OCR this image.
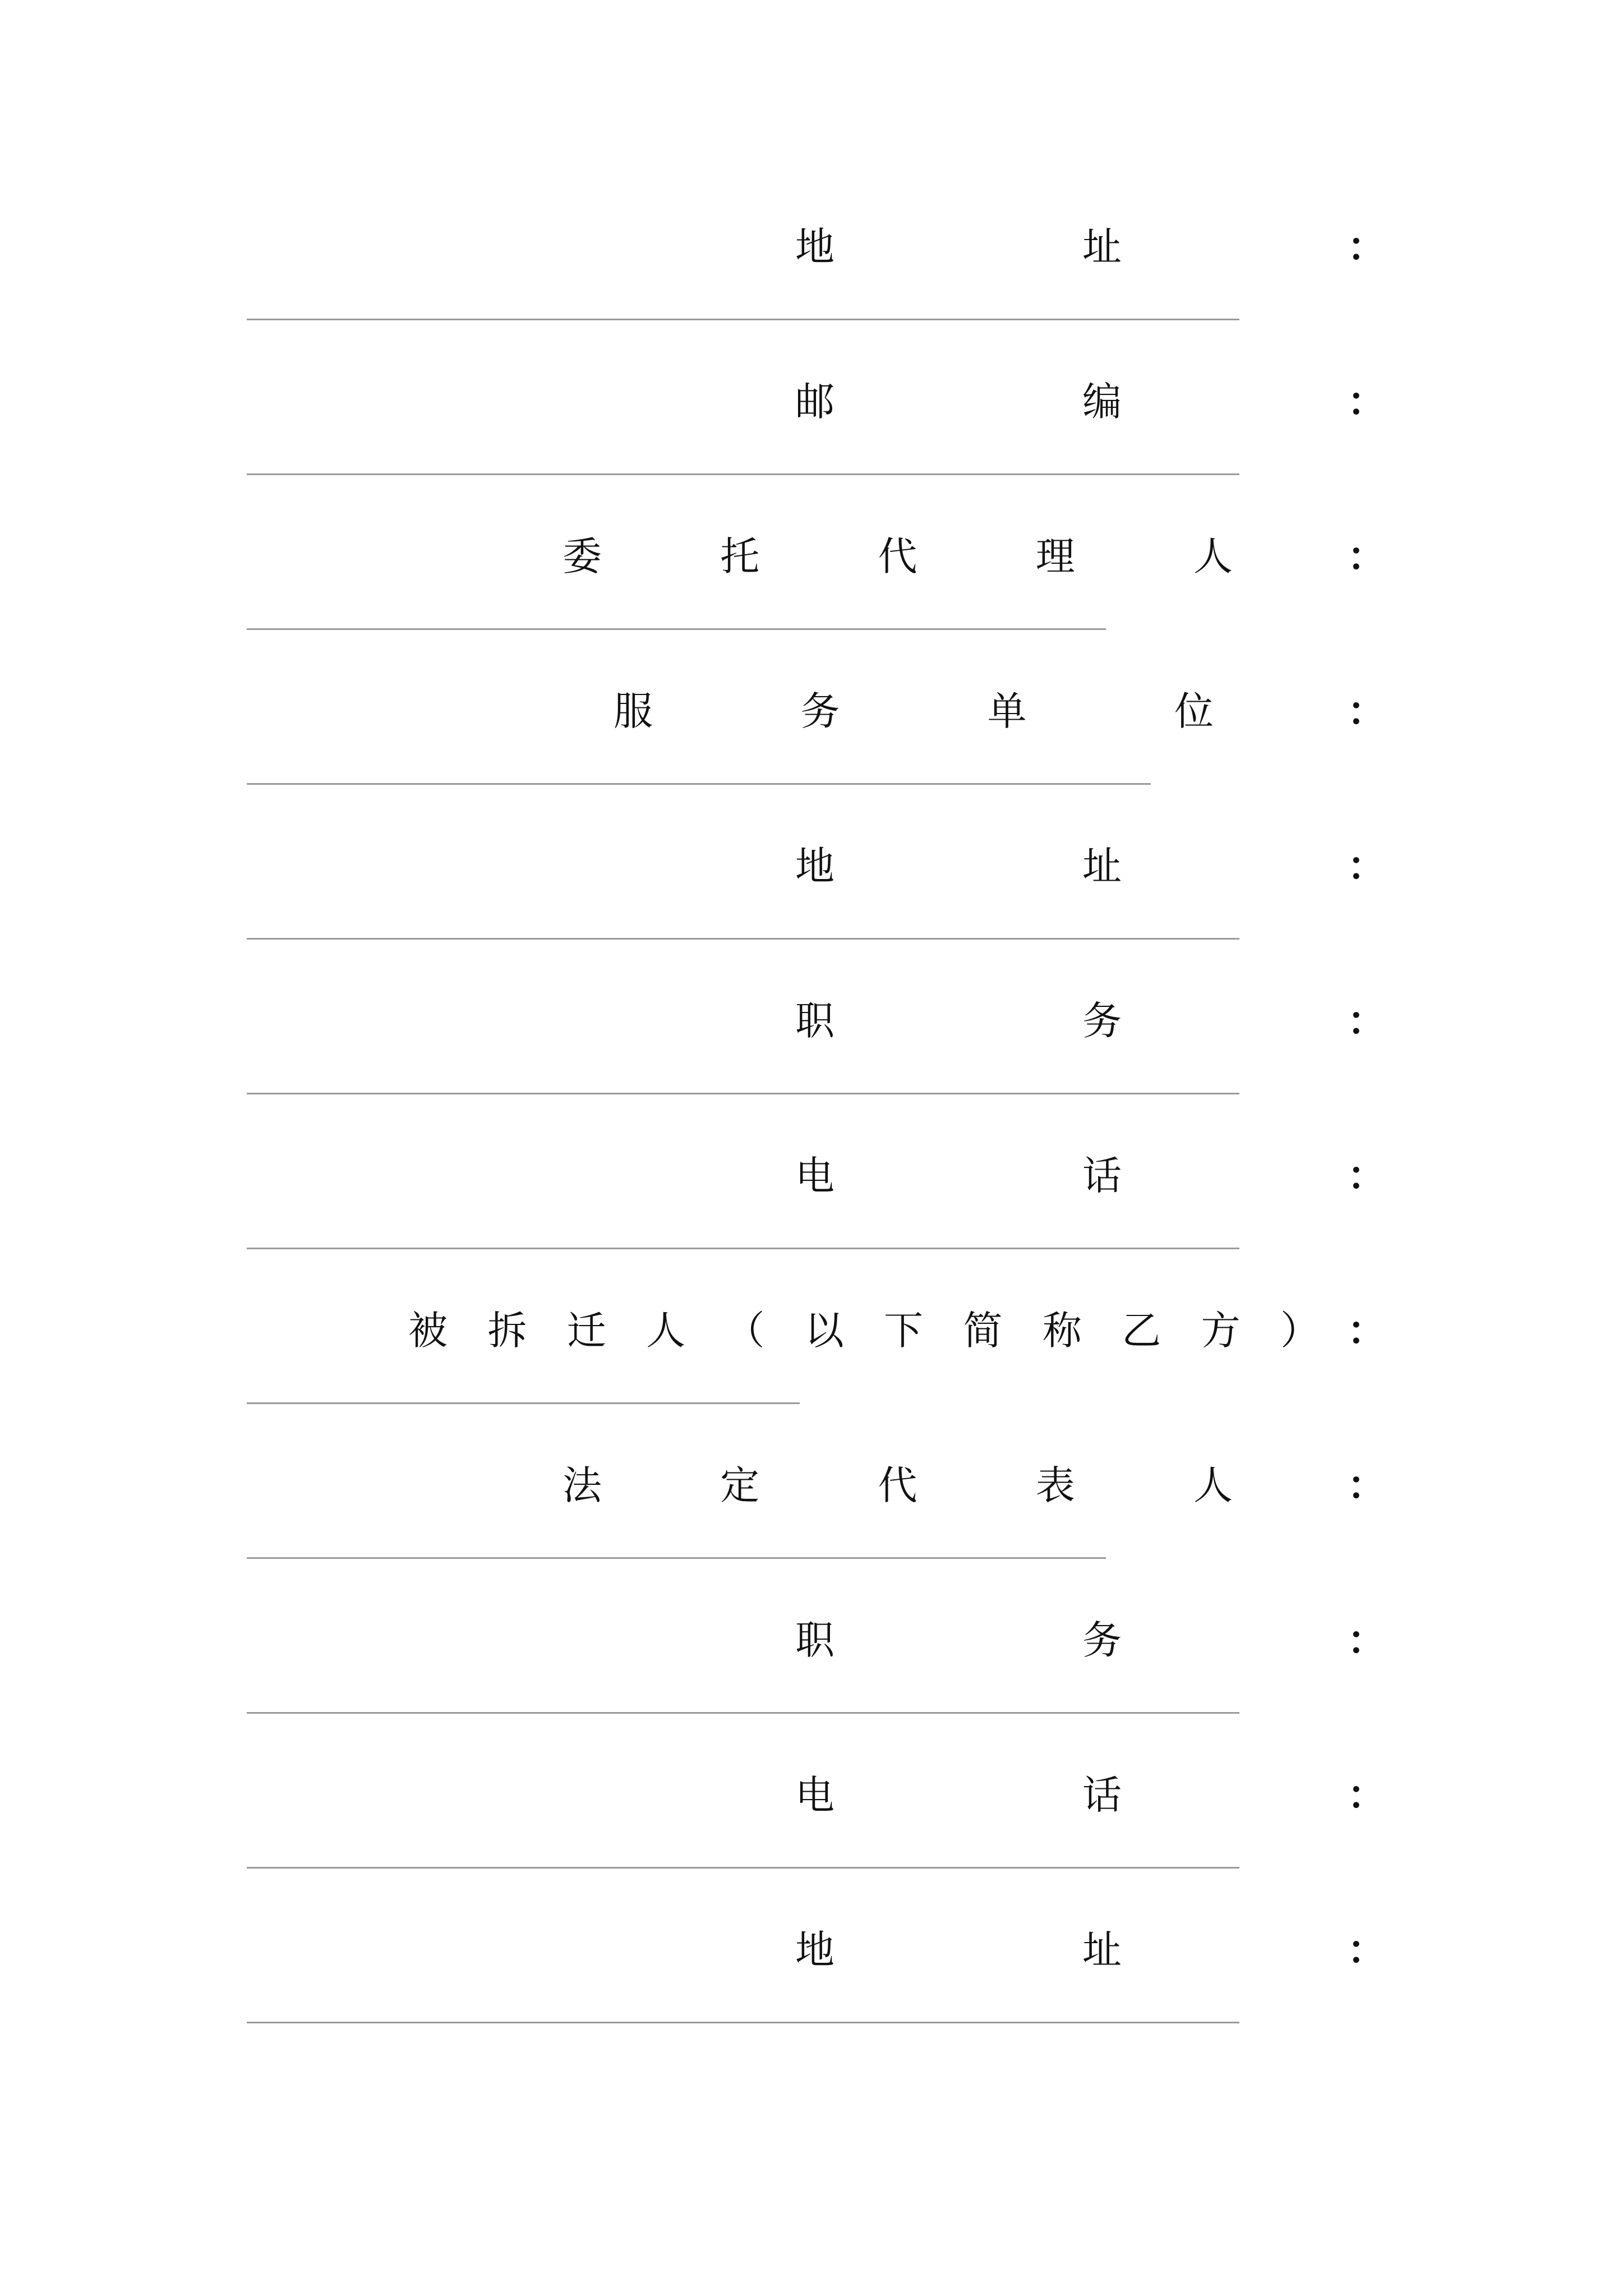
地	址	：
邮	编	：
委	托	代	理	人	：
服	务	单	位	：
地	址	：
职	务	：
电	话	：
被 拆 迁 人 （ 以 下 简 称 乙 方 ） ：
法	定	代	表	人	：
职	务	：
电	话	：
地	址	：
